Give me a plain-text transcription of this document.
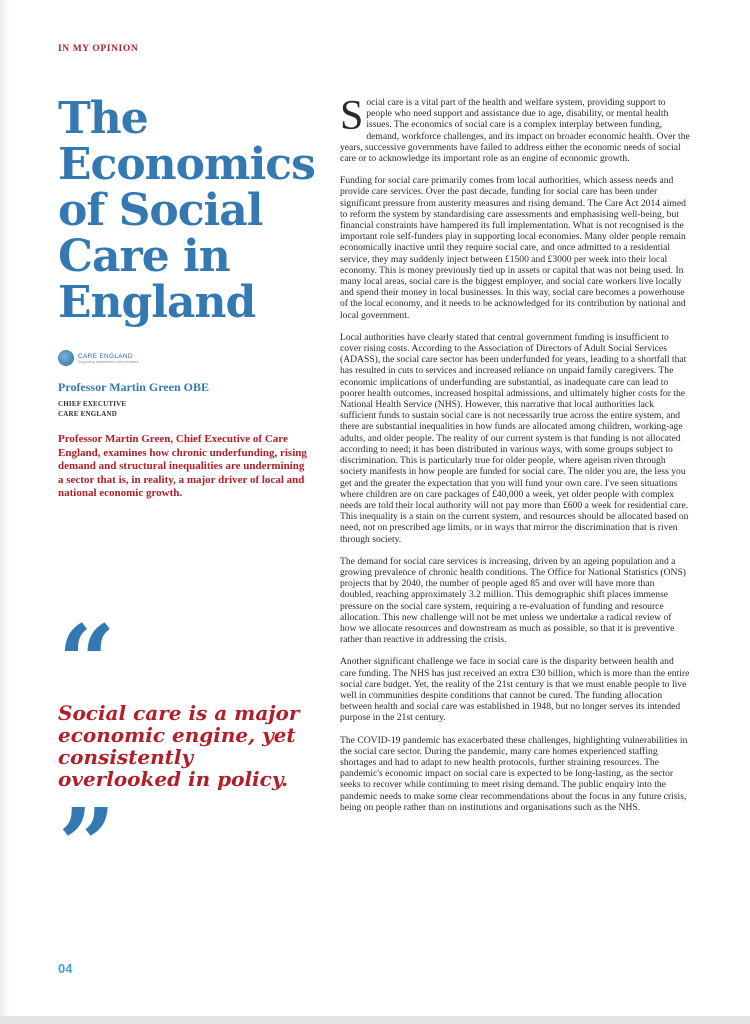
IN MY OPINION
The Economics of Social Care in England
CARE ENGLAND
Supporting independent care providers
Professor Martin Green OBE
CHIEF EXECUTIVE
CARE ENGLAND

Professor Martin Green, Chief Executive of Care England, examines how chronic underfunding, rising demand and structural inequalities are undermining a sector that is, in reality, a major driver of local and national economic growth.

“

Social care is a major economic engine, yet consistently overlooked in policy.

”
04

Social care is a vital part of the health and welfare system, providing support to people who need support and assistance due to age, disability, or mental health issues. The economics of social care is a complex interplay between funding, demand, workforce challenges, and its impact on broader economic health. Over the years, successive governments have failed to address either the economic needs of social care or to acknowledge its important role as an engine of economic growth.

Funding for social care primarily comes from local authorities, which assess needs and provide care services. Over the past decade, funding for social care has been under significant pressure from austerity measures and rising demand. The Care Act 2014 aimed to reform the system by standardising care assessments and emphasising well-being, but financial constraints have hampered its full implementation. What is not recognised is the important role self-funders play in supporting local economies. Many older people remain economically inactive until they require social care, and once admitted to a residential service, they may suddenly inject between £1500 and £3000 per week into their local economy. This is money previously tied up in assets or capital that was not being used. In many local areas, social care is the biggest employer, and social care workers live locally and spend their money in local businesses. In this way, social care becomes a powerhouse of the local economy, and it needs to be acknowledged for its contribution by national and local government.

Local authorities have clearly stated that central government funding is insufficient to cover rising costs. According to the Association of Directors of Adult Social Services (ADASS), the social care sector has been underfunded for years, leading to a shortfall that has resulted in cuts to services and increased reliance on unpaid family caregivers. The economic implications of underfunding are substantial, as inadequate care can lead to poorer health outcomes, increased hospital admissions, and ultimately higher costs for the National Health Service (NHS). However, this narrative that local authorities lack sufficient funds to sustain social care is not necessarily true across the entire system, and there are substantial inequalities in how funds are allocated among children, working-age adults, and older people. The reality of our current system is that funding is not allocated according to need; it has been distributed in various ways, with some groups subject to discrimination. This is particularly true for older people, where ageism riven through society manifests in how people are funded for social care. The older you are, the less you get and the greater the expectation that you will fund your own care. I've seen situations where children are on care packages of £40,000 a week, yet older people with complex needs are told their local authority will not pay more than £600 a week for residential care. This inequality is a stain on the current system, and resources should be allocated based on need, not on prescribed age limits, or in ways that mirror the discrimination that is riven through society.

The demand for social care services is increasing, driven by an ageing population and a growing prevalence of chronic health conditions. The Office for National Statistics (ONS) projects that by 2040, the number of people aged 85 and over will have more than doubled, reaching approximately 3.2 million. This demographic shift places immense pressure on the social care system, requiring a re-evaluation of funding and resource allocation. This new challenge will not be met unless we undertake a radical review of how we allocate resources and downstream as much as possible, so that it is preventive rather than reactive in addressing the crisis.

Another significant challenge we face in social care is the disparity between health and care funding. The NHS has just received an extra £30 billion, which is more than the entire social care budget. Yet, the reality of the 21st century is that we must enable people to live well in communities despite conditions that cannot be cured. The funding allocation between health and social care was established in 1948, but no longer serves its intended purpose in the 21st century.

The COVID-19 pandemic has exacerbated these challenges, highlighting vulnerabilities in the social care sector. During the pandemic, many care homes experienced staffing shortages and had to adapt to new health protocols, further straining resources. The pandemic's economic impact on social care is expected to be long-lasting, as the sector seeks to recover while continuing to meet rising demand. The public enquiry into the pandemic needs to make some clear recommendations about the focus in any future crisis, being on people rather than on institutions and organisations such as the NHS.
